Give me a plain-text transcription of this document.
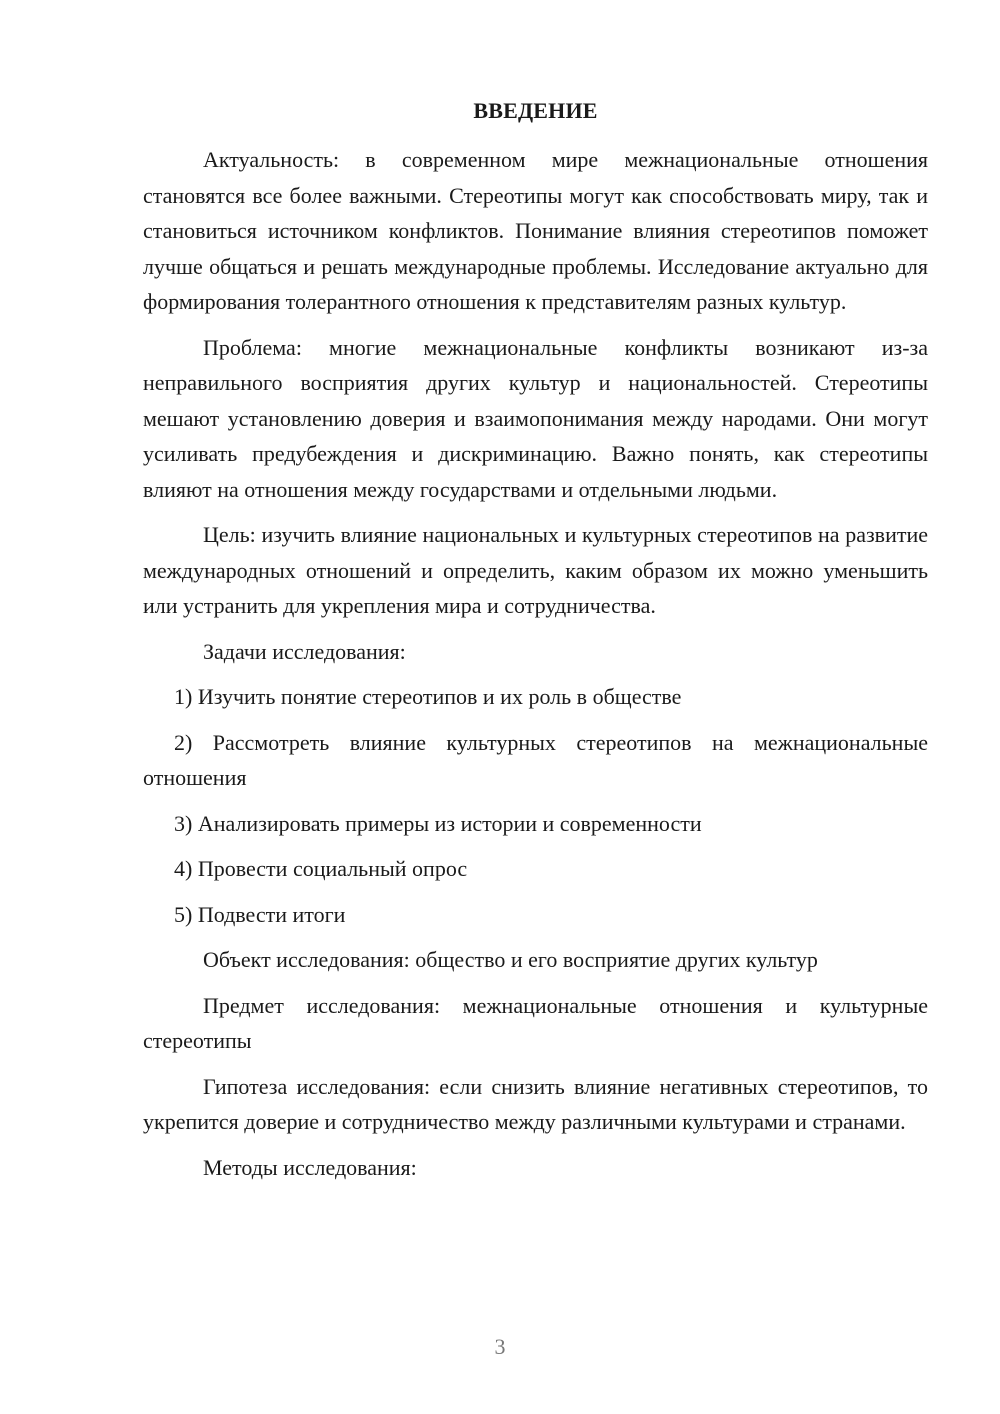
ВВЕДЕНИЕ

Актуальность: в современном мире межнациональные отношения становятся все более важными. Стереотипы могут как способствовать миру, так и становиться источником конфликтов. Понимание влияния стереотипов поможет лучше общаться и решать международные проблемы. Исследование актуально для формирования толерантного отношения к представителям разных культур.

Проблема: многие межнациональные конфликты возникают из-за неправильного восприятия других культур и национальностей. Стереотипы мешают установлению доверия и взаимопонимания между народами. Они могут усиливать предубеждения и дискриминацию. Важно понять, как стереотипы влияют на отношения между государствами и отдельными людьми.

Цель: изучить влияние национальных и культурных стереотипов на развитие международных отношений и определить, каким образом их можно уменьшить или устранить для укрепления мира и сотрудничества.

Задачи исследования:

1) Изучить понятие стереотипов и их роль в обществе

2) Рассмотреть влияние культурных стереотипов на межнациональные отношения

3) Анализировать примеры из истории и современности

4) Провести социальный опрос

5) Подвести итоги

Объект исследования: общество и его восприятие других культур

Предмет исследования: межнациональные отношения и культурные стереотипы

Гипотеза исследования: если снизить влияние негативных стереотипов, то укрепится доверие и сотрудничество между различными культурами и странами.

Методы исследования:

3
